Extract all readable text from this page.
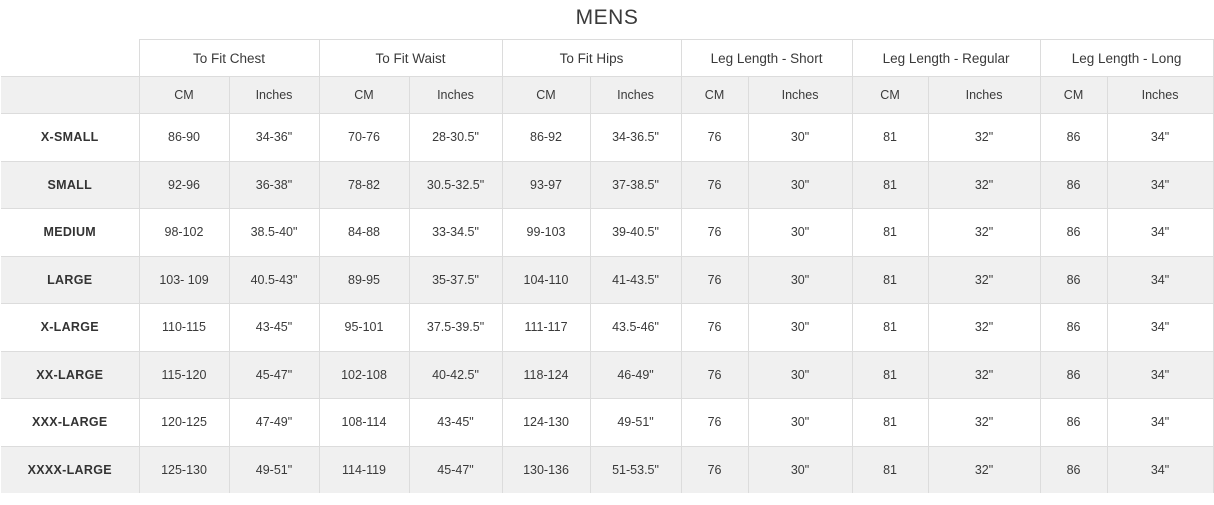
MENS
	To Fit Chest		To Fit Waist		To Fit Hips		Leg Length - Short		Leg Length - Regular		Leg Length - Long	
	CM	Inches	CM	Inches	CM	Inches	CM	Inches	CM	Inches	CM	Inches
X-SMALL	86-90	34-36"	70-76	28-30.5"	86-92	34-36.5"	76	30"	81	32"	86	34"
SMALL	92-96	36-38"	78-82	30.5-32.5"	93-97	37-38.5"	76	30"	81	32"	86	34"
MEDIUM	98-102	38.5-40"	84-88	33-34.5"	99-103	39-40.5"	76	30"	81	32"	86	34"
LARGE	103- 109	40.5-43"	89-95	35-37.5"	104-110	41-43.5"	76	30"	81	32"	86	34"
X-LARGE	110-115	43-45"	95-101	37.5-39.5"	111-117	43.5-46"	76	30"	81	32"	86	34"
XX-LARGE	115-120	45-47"	102-108	40-42.5"	118-124	46-49"	76	30"	81	32"	86	34"
XXX-LARGE	120-125	47-49"	108-114	43-45"	124-130	49-51"	76	30"	81	32"	86	34"
XXXX-LARGE	125-130	49-51"	114-119	45-47"	130-136	51-53.5"	76	30"	81	32"	86	34"
